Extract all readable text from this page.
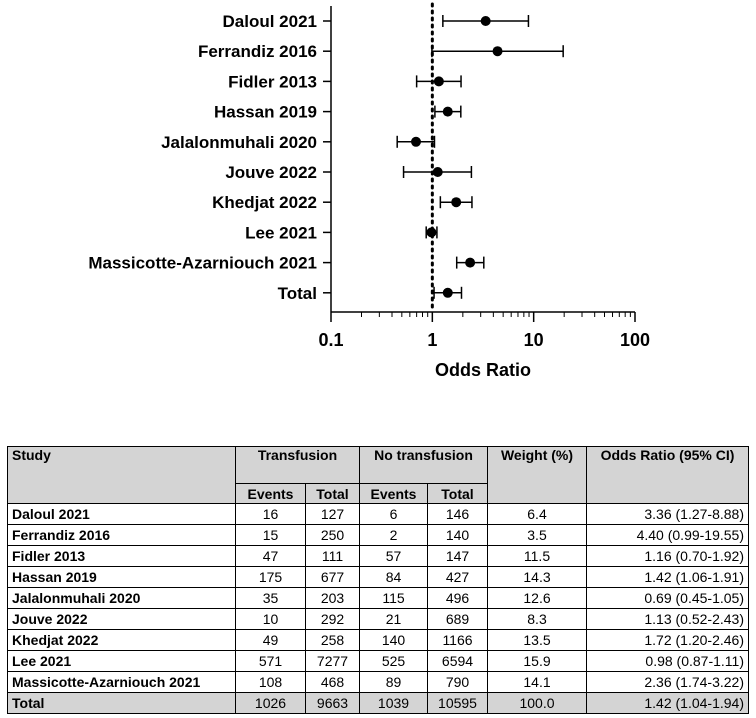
0.1	1	10	100
Daloul 2021
Ferrandiz 2016
Fidler 2013
Hassan 2019
Jalalonmuhali 2020
Jouve 2022
Khedjat 2022
Lee 2021
Massicotte-Azarniouch 2021
Total
Odds Ratio
Study	Transfusion		No transfusion		Weight (%)	Odds Ratio (95% CI)
	Events	Total	Events	Total		
Daloul 2021	16	127	6	146	6.4	3.36 (1.27-8.88)
Ferrandiz 2016	15	250	2	140	3.5	4.40 (0.99-19.55)
Fidler 2013	47	111	57	147	11.5	1.16 (0.70-1.92)
Hassan 2019	175	677	84	427	14.3	1.42 (1.06-1.91)
Jalalonmuhali 2020	35	203	115	496	12.6	0.69 (0.45-1.05)
Jouve 2022	10	292	21	689	8.3	1.13 (0.52-2.43)
Khedjat 2022	49	258	140	1166	13.5	1.72 (1.20-2.46)
Lee 2021	571	7277	525	6594	15.9	0.98 (0.87-1.11)
Massicotte-Azarniouch 2021	108	468	89	790	14.1	2.36 (1.74-3.22)
Total	1026	9663	1039	10595	100.0	1.42 (1.04-1.94)
